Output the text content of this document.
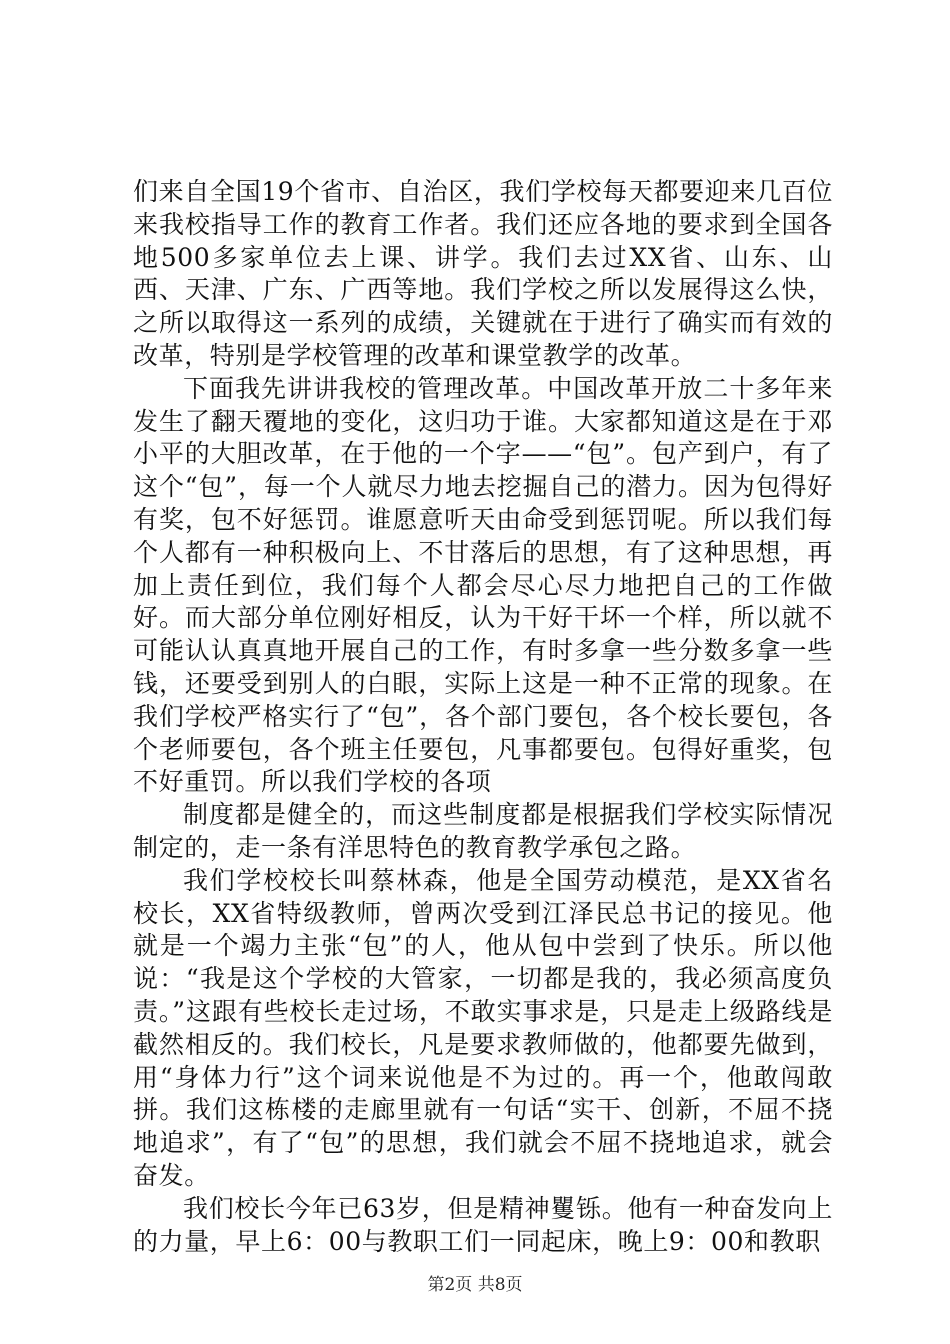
们来自全国19个省市、自治区，我们学校每天都要迎来几百位来我校指导工作的教育工作者。我们还应各地的要求到全国各地500多家单位去上课、讲学。我们去过XX省、山东、山西、天津、广东、广西等地。我们学校之所以发展得这么快，之所以取得这一系列的成绩，关键就在于进行了确实而有效的改革，特别是学校管理的改革和课堂教学的改革。

下面我先讲讲我校的管理改革。中国改革开放二十多年来发生了翻天覆地的变化，这归功于谁。大家都知道这是在于邓小平的大胆改革，在于他的一个字——“包”。包产到户，有了这个“包”，每一个人就尽力地去挖掘自己的潜力。因为包得好有奖，包不好惩罚。谁愿意听天由命受到惩罚呢。所以我们每个人都有一种积极向上、不甘落后的思想，有了这种思想，再加上责任到位，我们每个人都会尽心尽力地把自己的工作做好。而大部分单位刚好相反，认为干好干坏一个样，所以就不可能认认真真地开展自己的工作，有时多拿一些分数多拿一些钱，还要受到别人的白眼，实际上这是一种不正常的现象。在我们学校严格实行了“包”，各个部门要包，各个校长要包，各个老师要包，各个班主任要包，凡事都要包。包得好重奖，包不好重罚。所以我们学校的各项

制度都是健全的，而这些制度都是根据我们学校实际情况制定的，走一条有洋思特色的教育教学承包之路。

我们学校校长叫蔡林森，他是全国劳动模范，是XX省名校长，XX省特级教师，曾两次受到江泽民总书记的接见。他就是一个竭力主张“包”的人，他从包中尝到了快乐。所以他说：“我是这个学校的大管家，一切都是我的，我必须高度负责。”这跟有些校长走过场，不敢实事求是，只是走上级路线是截然相反的。我们校长，凡是要求教师做的，他都要先做到，用“身体力行”这个词来说他是不为过的。再一个，他敢闯敢拼。我们这栋楼的走廊里就有一句话“实干、创新，不屈不挠地追求”，有了“包”的思想，我们就会不屈不挠地追求，就会奋发。

我们校长今年已63岁，但是精神矍铄。他有一种奋发向上的力量，早上6：00与教职工们一同起床，晚上9：00和教职

第2页 共8页
